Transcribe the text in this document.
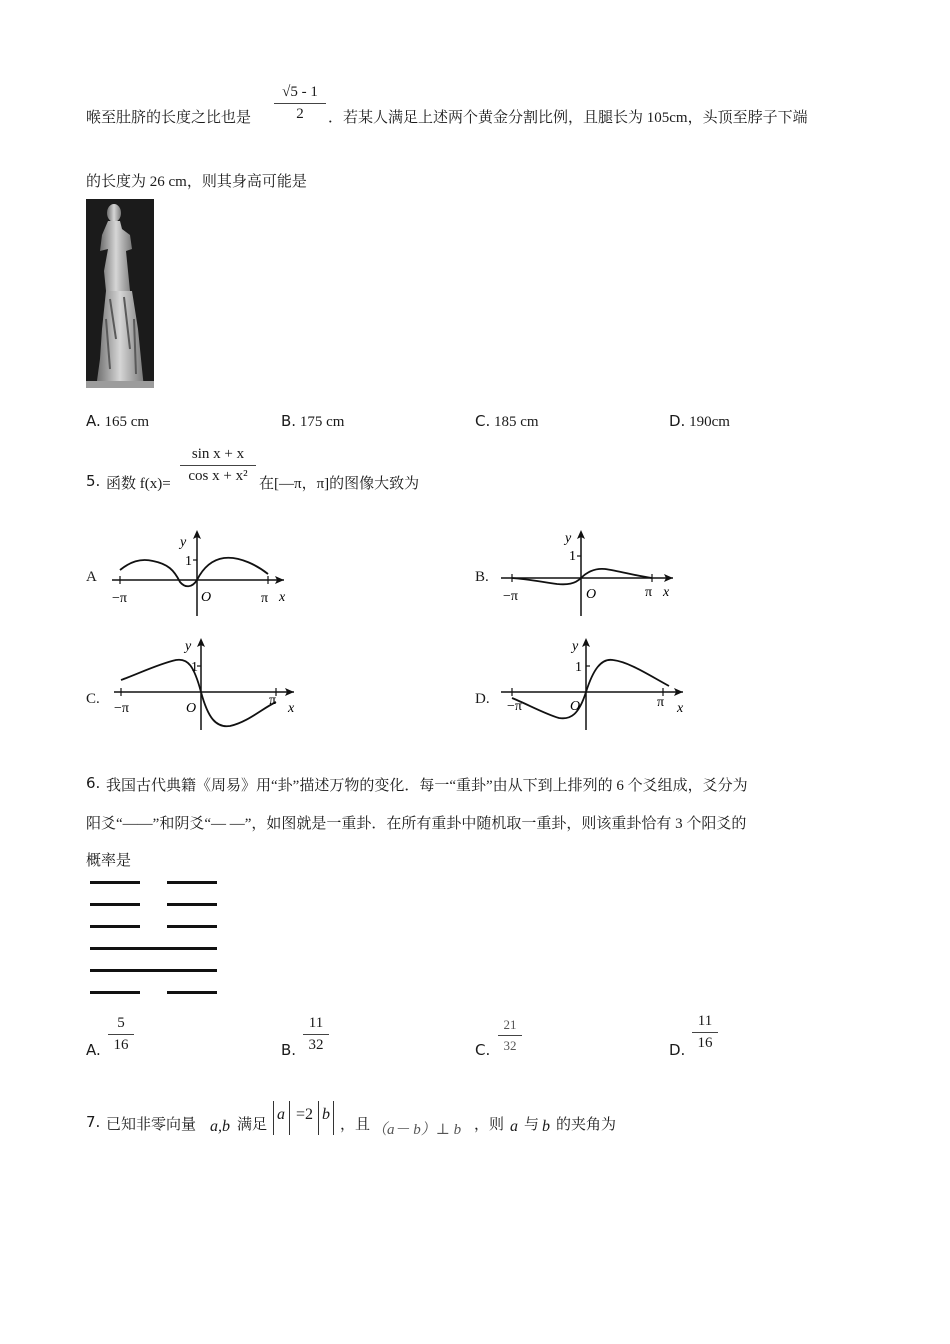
喉至肚脐的长度之比也是
√5 - 1
2	．若某人满足上述两个黄金分割比例，且腿长为 105cm，头顶至脖子下端
的长度为 26 cm，则其身高可能是
A. 165 cm	B. 175 cm	C. 185 cm	D. 190cm
5. 函数 f(x)=
sin x + x
cos x + x² 在[—π，π]的图像大致为
A
−π	π
O	x
y
1
B.
−π	π
O	x
y
1
C.
−π
π
O	x
y
1
D. −π	π
O	x
y
1
6. 我国古代典籍《周易》用“卦”描述万物的变化．每一“重卦”由从下到上排列的 6 个爻组成，爻分为
阳爻“——”和阴爻“— —”，如图就是一重卦．在所有重卦中随机取一重卦，则该重卦恰有 3 个阳爻的
概率是
A.
5
16	B.
11
32	C.
21
32	D.
11
16
7. 已知非零向量 a,b 满足
a =2 b
，且 （a－ b）⊥ b ，则 a 与 b 的夹角为
